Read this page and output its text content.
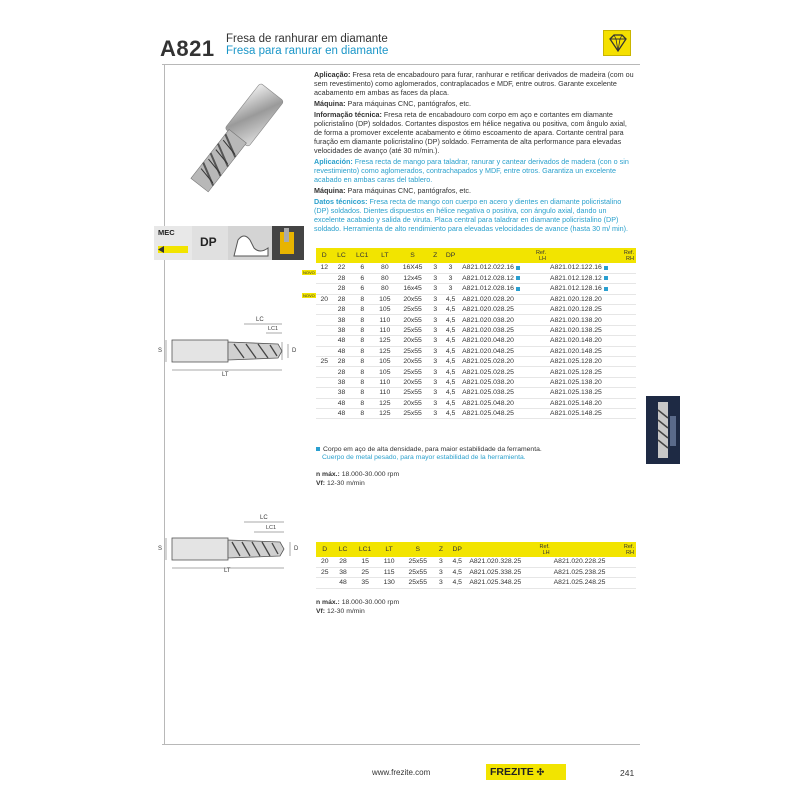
A821 Fresa de ranhurar em diamante
Fresa para ranurar en diamante
MEC
DP

Aplicação: Fresa reta de encabadouro para furar, ranhurar e retificar derivados de madeira (com ou sem revestimento) como aglomerados, contraplacados e MDF, entre outros. Garante excelente acabamento em ambas as faces da placa.

Máquina: Para máquinas CNC, pantógrafos, etc.

Informação técnica: Fresa reta de encabadouro com corpo em aço e cortantes em diamante policristalino (DP) soldados. Cortantes dispostos em hélice negativa ou positiva, com ângulo axial, de forma a promover excelente acabamento e ótimo escoamento de apara. Cortante central para furação em diamante policristalino (DP) soldado. Ferramenta de alta performance para elevadas velocidades de avanço (até 30 m/min.).

Aplicación: Fresa recta de mango para taladrar, ranurar y cantear derivados de madera (con o sin revestimiento) como aglomerados, contrachapados y MDF, entre otros. Garantiza un excelente acabado en ambas caras del tablero.

Máquina: Para máquinas CNC, pantógrafos, etc.

Datos técnicos: Fresa recta de mango con cuerpo en acero y dientes en diamante policristalino (DP) soldados. Dientes dispuestos en hélice negativa o positiva, con ángulo axial, dando un excelente acabado y salida de viruta. Placa central para taladrar en diamante policristalino (DP) soldado. Herramienta de alto rendimiento para elevadas velocidades de avance (hasta 30 m/ min).

LC
LC1
S	D
LT
D	LC	LC1	LT	S	Z	DP	Ref.
LH	Ref.
RH

12	22	6	80	16X45	3	3	A821.012.022.16	A821.012.122.16
	28	6	80	12x45	3	3	A821.012.028.12	A821.012.128.12
	28	6	80	16x45	3	3	A821.012.028.16	A821.012.128.16
20	28	8	105	20x55	3	4,5	A821.020.028.20	A821.020.128.20
	28	8	105	25x55	3	4,5	A821.020.028.25	A821.020.128.25
	38	8	110	20x55	3	4,5	A821.020.038.20	A821.020.138.20
	38	8	110	25x55	3	4,5	A821.020.038.25	A821.020.138.25
	48	8	125	20x55	3	4,5	A821.020.048.20	A821.020.148.20
	48	8	125	25x55	3	4,5	A821.020.048.25	A821.020.148.25
25	28	8	105	20x55	3	4,5	A821.025.028.20	A821.025.128.20
	28	8	105	25x55	3	4,5	A821.025.028.25	A821.025.128.25
	38	8	110	20x55	3	4,5	A821.025.038.20	A821.025.138.20
	38	8	110	25x55	3	4,5	A821.025.038.25	A821.025.138.25
	48	8	125	20x55	3	4,5	A821.025.048.20	A821.025.148.20
	48	8	125	25x55	3	4,5	A821.025.048.25	A821.025.148.25
NOVO
NOVO
Corpo em aço de alta densidade, para maior estabilidade da ferramenta.
Cuerpo de metal pesado, para mayor estabilidad de la herramienta.
n máx.: 18.000-30.000 rpm
Vf: 12-30 m/min
LC
LC1
S	D
LT
D	LC	LC1	LT	S	Z	DP	Ref.
LH	Ref.
RH

20	28	15	110	25x55	3	4,5	A821.020.328.25	A821.020.228.25
25	38	25	115	25x55	3	4,5	A821.025.338.25	A821.025.238.25
	48	35	130	25x55	3	4,5	A821.025.348.25	A821.025.248.25
n máx.: 18.000-30.000 rpm
Vf: 12-30 m/min
www.frezite.com	FREZITE ✣	241
